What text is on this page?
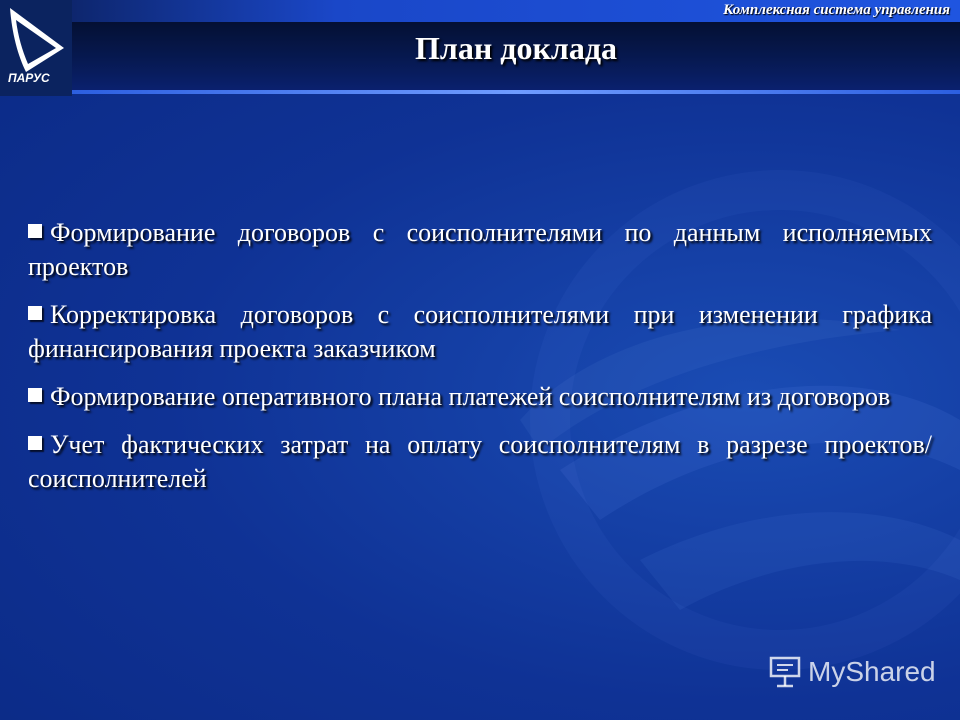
ПАРУС
Комплексная система управления
План доклада
Формирование договоров с соисполнителями по данным исполняемых проектов
Корректировка договоров с соисполнителями при изменении графика финансирования проекта заказчиком
Формирование оперативного плана платежей соисполнителям из договоров
Учет фактических затрат на оплату соисполнителям в разрезе проектов/соисполнителей
MyShared
